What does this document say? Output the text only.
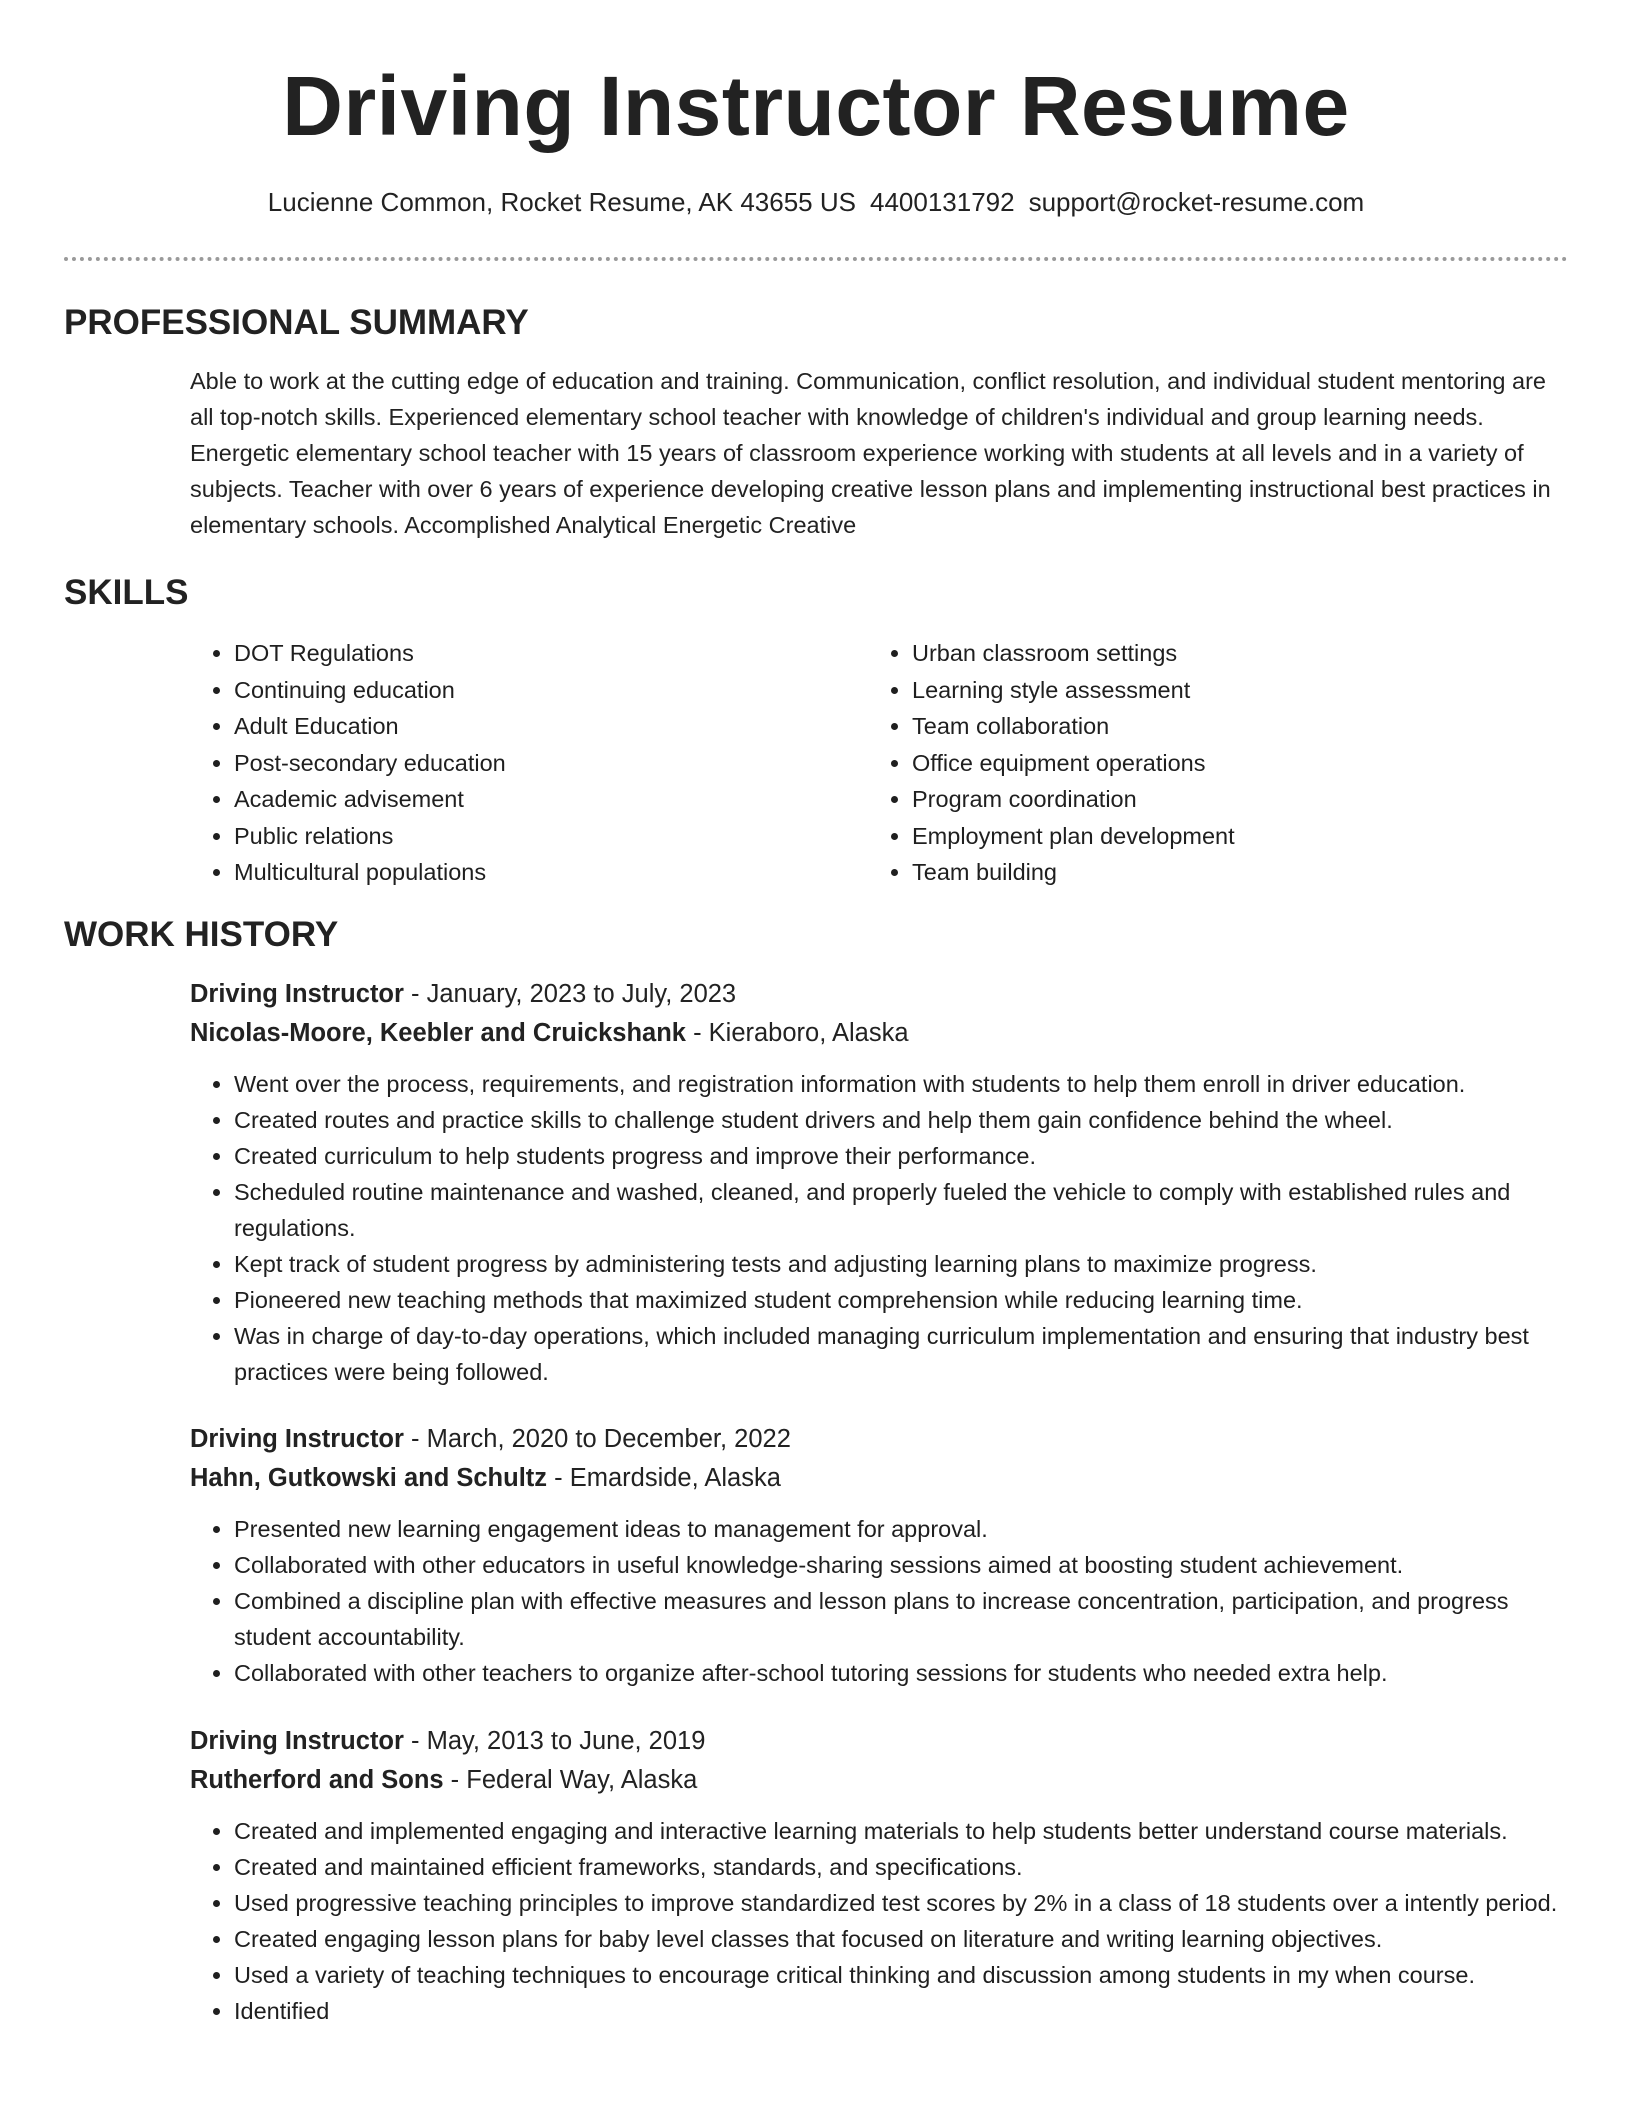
Driving Instructor Resume
Lucienne Common, Rocket Resume, AK 43655 US 4400131792 support@rocket-resume.com
PROFESSIONAL SUMMARY
Able to work at the cutting edge of education and training. Communication, conflict resolution, and individual student mentoring are all top-notch skills. Experienced elementary school teacher with knowledge of children's individual and group learning needs. Energetic elementary school teacher with 15 years of classroom experience working with students at all levels and in a variety of subjects. Teacher with over 6 years of experience developing creative lesson plans and implementing instructional best practices in elementary schools. Accomplished Analytical Energetic Creative
SKILLS
• DOT Regulations
• Continuing education
• Adult Education
• Post-secondary education
• Academic advisement
• Public relations
• Multicultural populations
• Urban classroom settings
• Learning style assessment
• Team collaboration
• Office equipment operations
• Program coordination
• Employment plan development
• Team building
WORK HISTORY
Driving Instructor - January, 2023 to July, 2023
Nicolas-Moore, Keebler and Cruickshank - Kieraboro, Alaska
• Went over the process, requirements, and registration information with students to help them enroll in driver education.
• Created routes and practice skills to challenge student drivers and help them gain confidence behind the wheel.
• Created curriculum to help students progress and improve their performance.
• Scheduled routine maintenance and washed, cleaned, and properly fueled the vehicle to comply with established rules and regulations.
• Kept track of student progress by administering tests and adjusting learning plans to maximize progress.
• Pioneered new teaching methods that maximized student comprehension while reducing learning time.
• Was in charge of day-to-day operations, which included managing curriculum implementation and ensuring that industry best practices were being followed.
Driving Instructor - March, 2020 to December, 2022
Hahn, Gutkowski and Schultz - Emardside, Alaska
• Presented new learning engagement ideas to management for approval.
• Collaborated with other educators in useful knowledge-sharing sessions aimed at boosting student achievement.
• Combined a discipline plan with effective measures and lesson plans to increase concentration, participation, and progress student accountability.
• Collaborated with other teachers to organize after-school tutoring sessions for students who needed extra help.
Driving Instructor - May, 2013 to June, 2019
Rutherford and Sons - Federal Way, Alaska
• Created and implemented engaging and interactive learning materials to help students better understand course materials.
• Created and maintained efficient frameworks, standards, and specifications.
• Used progressive teaching principles to improve standardized test scores by 2% in a class of 18 students over a intently period.
• Created engaging lesson plans for baby level classes that focused on literature and writing learning objectives.
• Used a variety of teaching techniques to encourage critical thinking and discussion among students in my when course.
• Identified
